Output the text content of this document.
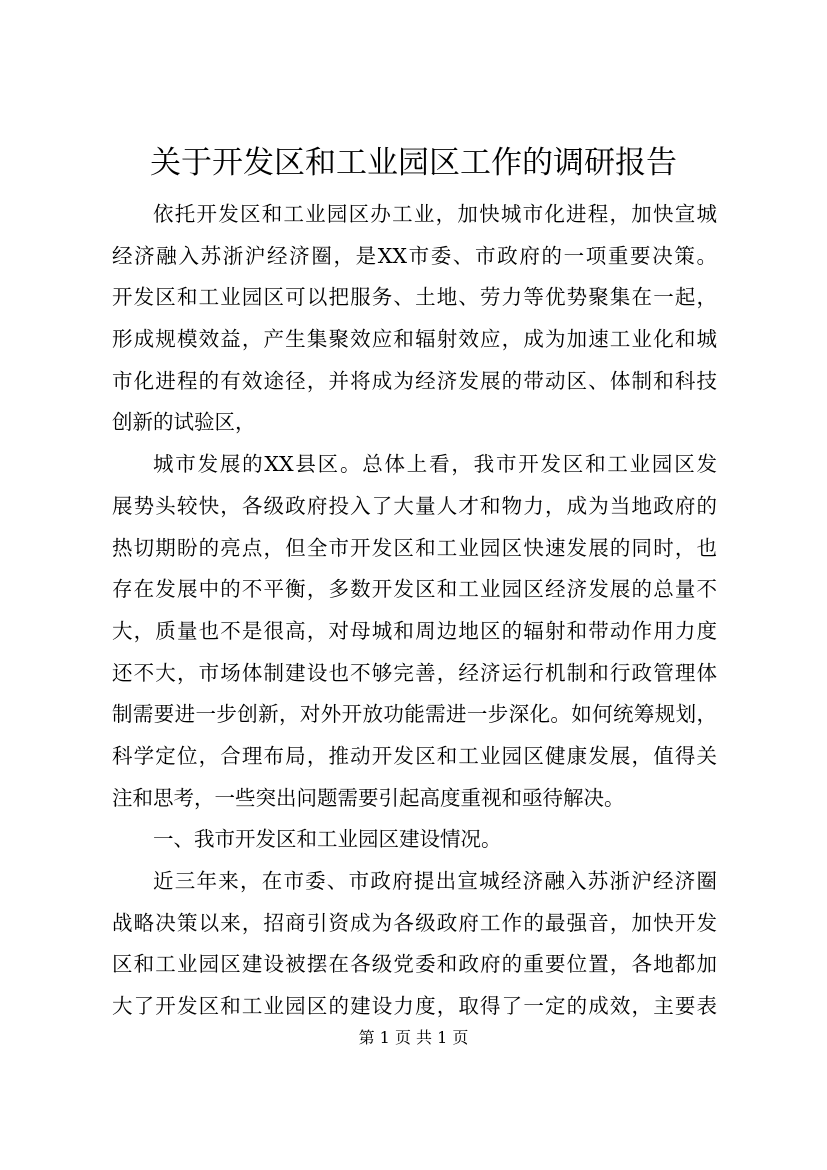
关于开发区和工业园区工作的调研报告
依托开发区和工业园区办工业，加快城市化进程，加快宣城
经济融入苏浙沪经济圈，是XX市委、市政府的一项重要决策。
开发区和工业园区可以把服务、土地、劳力等优势聚集在一起，
形成规模效益，产生集聚效应和辐射效应，成为加速工业化和城
市化进程的有效途径，并将成为经济发展的带动区、体制和科技
创新的试验区，
城市发展的XX县区。总体上看，我市开发区和工业园区发
展势头较快，各级政府投入了大量人才和物力，成为当地政府的
热切期盼的亮点，但全市开发区和工业园区快速发展的同时，也
存在发展中的不平衡，多数开发区和工业园区经济发展的总量不
大，质量也不是很高，对母城和周边地区的辐射和带动作用力度
还不大，市场体制建设也不够完善，经济运行机制和行政管理体
制需要进一步创新，对外开放功能需进一步深化。如何统筹规划，
科学定位，合理布局，推动开发区和工业园区健康发展，值得关
注和思考，一些突出问题需要引起高度重视和亟待解决。
一、我市开发区和工业园区建设情况。
近三年来，在市委、市政府提出宣城经济融入苏浙沪经济圈
战略决策以来，招商引资成为各级政府工作的最强音，加快开发
区和工业园区建设被摆在各级党委和政府的重要位置，各地都加
大了开发区和工业园区的建设力度，取得了一定的成效，主要表
第 1 页 共 1 页
